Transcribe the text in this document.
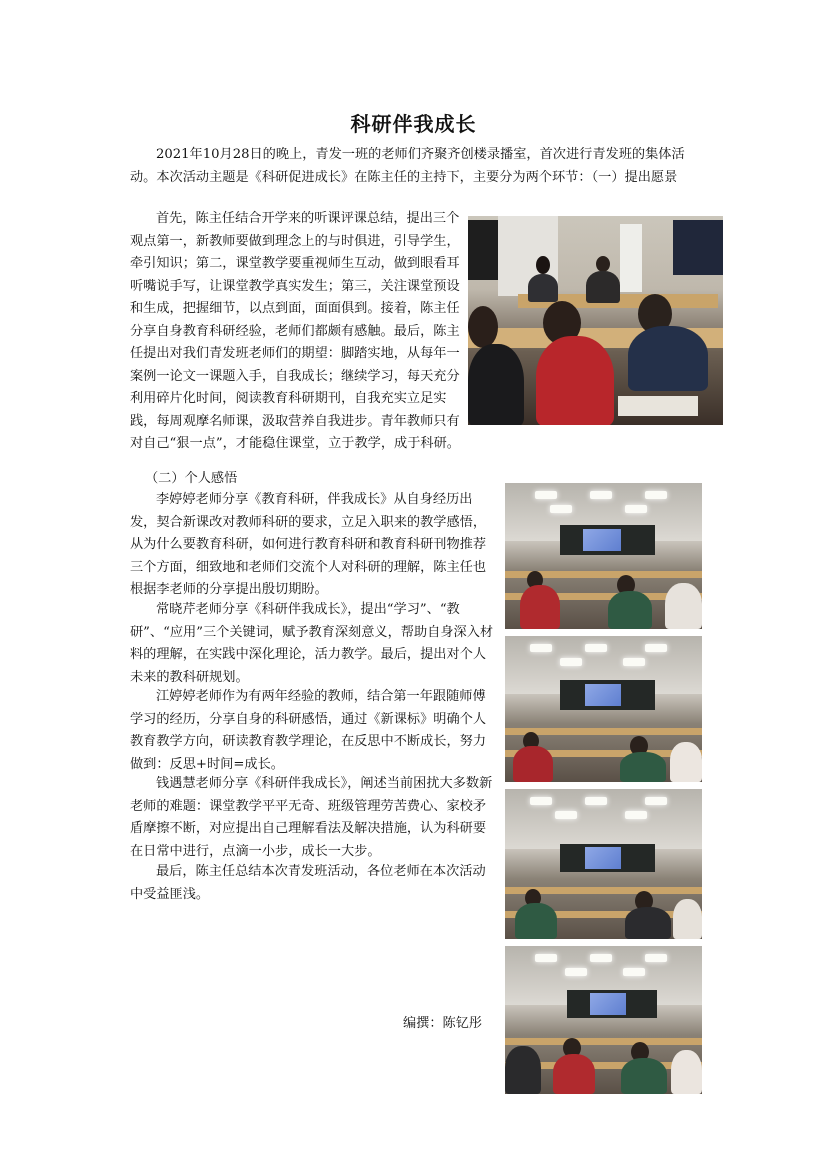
科研伴我成长

2021年10月28日的晚上，青发一班的老师们齐聚齐创楼录播室，首次进行青发班的集体活动。本次活动主题是《科研促进成长》在陈主任的主持下，主要分为两个环节：（一）提出愿景

首先，陈主任结合开学来的听课评课总结，提出三个观点第一，新教师要做到理念上的与时俱进，引导学生，牵引知识；第二，课堂教学要重视师生互动，做到眼看耳听嘴说手写，让课堂教学真实发生；第三，关注课堂预设和生成，把握细节，以点到面，面面俱到。接着，陈主任分享自身教育科研经验，老师们都颇有感触。最后，陈主任提出对我们青发班老师们的期望：脚踏实地，从每年一案例一论文一课题入手，自我成长；继续学习，每天充分利用碎片化时间，阅读教育科研期刊，自我充实立足实践，每周观摩名师课，汲取营养自我进步。青年教师只有对自己“狠一点”，才能稳住课堂，立于教学，成于科研。

（二）个人感悟

李婷婷老师分享《教育科研，伴我成长》从自身经历出发，契合新课改对教师科研的要求，立足入职来的教学感悟，从为什么要教育科研，如何进行教育科研和教育科研刊物推荐三个方面，细致地和老师们交流个人对科研的理解，陈主任也根据李老师的分享提出殷切期盼。

常晓芹老师分享《科研伴我成长》，提出“学习”、“教研”、“应用”三个关键词，赋予教育深刻意义，帮助自身深入材料的理解，在实践中深化理论，活力教学。最后，提出对个人未来的教科研规划。

江婷婷老师作为有两年经验的教师，结合第一年跟随师傅学习的经历，分享自身的科研感悟，通过《新课标》明确个人教育教学方向，研读教育教学理论，在反思中不断成长，努力做到：反思+时间=成长。

钱遇慧老师分享《科研伴我成长》，阐述当前困扰大多数新老师的难题：课堂教学平平无奇、班级管理劳苦费心、家校矛盾摩擦不断，对应提出自己理解看法及解决措施，认为科研要在日常中进行，点滴一小步，成长一大步。

最后，陈主任总结本次青发班活动，各位老师在本次活动中受益匪浅。

编撰：陈钇彤
